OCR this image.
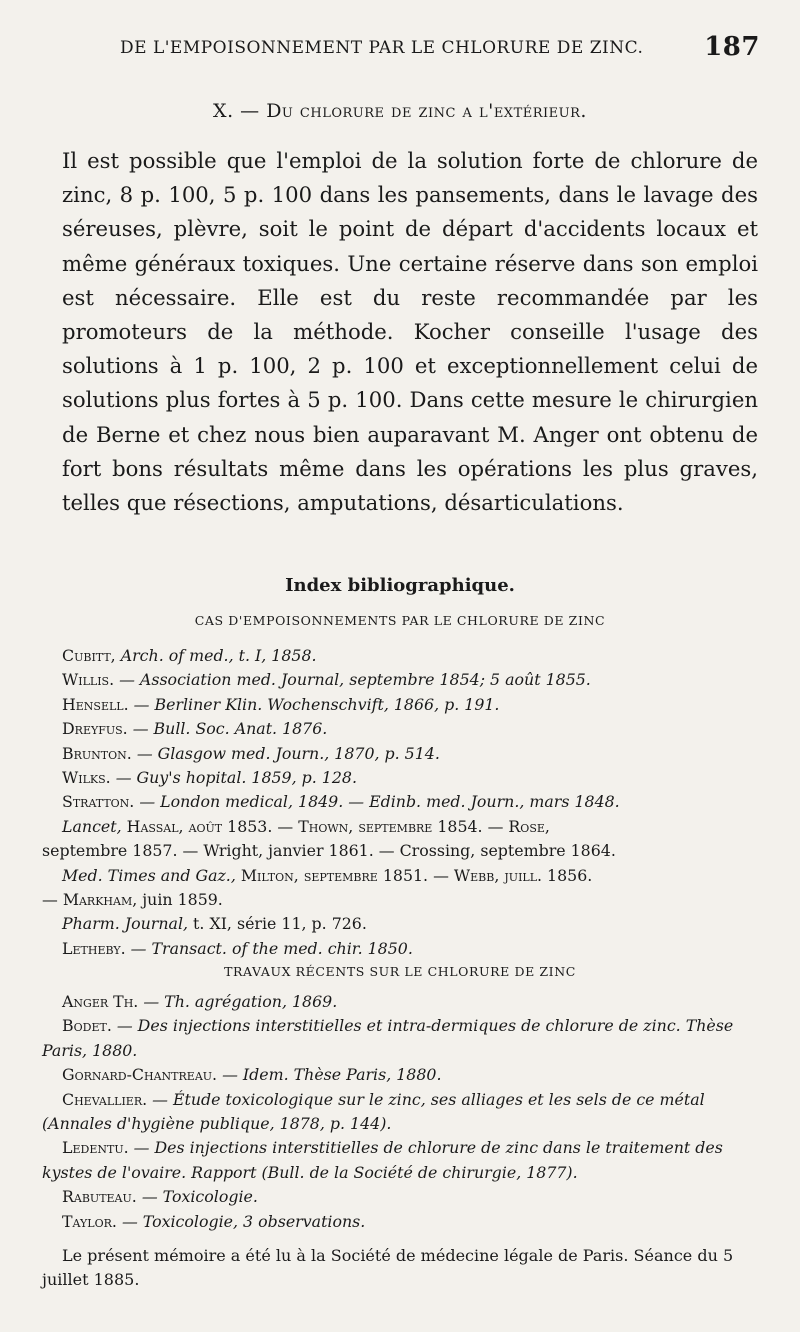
DE L'EMPOISONNEMENT PAR LE CHLORURE DE ZINC. 187
X. — Du chlorure de zinc a l'extérieur.
Il est possible que l'emploi de la solution forte de chlorure de zinc, 8 p. 100, 5 p. 100 dans les pansements, dans le lavage des séreuses, plèvre, soit le point de départ d'accidents locaux et même généraux toxiques. Une certaine réserve dans son emploi est nécessaire. Elle est du reste recommandée par les promoteurs de la méthode. Kocher conseille l'usage des solutions à 1 p. 100, 2 p. 100 et exceptionnellement celui de solutions plus fortes à 5 p. 100. Dans cette mesure le chirurgien de Berne et chez nous bien auparavant M. Anger ont obtenu de fort bons résultats même dans les opérations les plus graves, telles que résections, amputations, désarticulations.
Index bibliographique.
CAS D'EMPOISONNEMENTS PAR LE CHLORURE DE ZINC
Cubitt, Arch. of med., t. I, 1858.
Willis. — Association med. Journal, septembre 1854; 5 août 1855.
Hensell. — Berliner Klin. Wochenschvift, 1866, p. 191.
Dreyfus. — Bull. Soc. Anat. 1876.
Brunton. — Glasgow med. Journ., 1870, p. 514.
Wilks. — Guy's hopital. 1859, p. 128.
Stratton. — London medical, 1849. — Edinb. med. Journ., mars 1848.
Lancet, Hassal, août 1853. — Thown, septembre 1854. — Rose,
septembre 1857. — Wright, janvier 1861. — Crossing, septembre 1864.
Med. Times and Gaz., Milton, septembre 1851. — Webb, juill. 1856.
— Markham, juin 1859.
Pharm. Journal, t. XI, série 11, p. 726.
Letheby. — Transact. of the med. chir. 1850.
TRAVAUX RÉCENTS SUR LE CHLORURE DE ZINC
Anger Th. — Th. agrégation, 1869.
Bodet. — Des injections interstitielles et intra-dermiques de chlorure de zinc. Thèse Paris, 1880.
Gornard-Chantreau. — Idem. Thèse Paris, 1880.
Chevallier. — Étude toxicologique sur le zinc, ses alliages et les sels de ce métal (Annales d'hygiène publique, 1878, p. 144).
Ledentu. — Des injections interstitielles de chlorure de zinc dans le traitement des kystes de l'ovaire. Rapport (Bull. de la Société de chirurgie, 1877).
Rabuteau. — Toxicologie.
Taylor. — Toxicologie, 3 observations.
Le présent mémoire a été lu à la Société de médecine légale de Paris. Séance du 5 juillet 1885.
